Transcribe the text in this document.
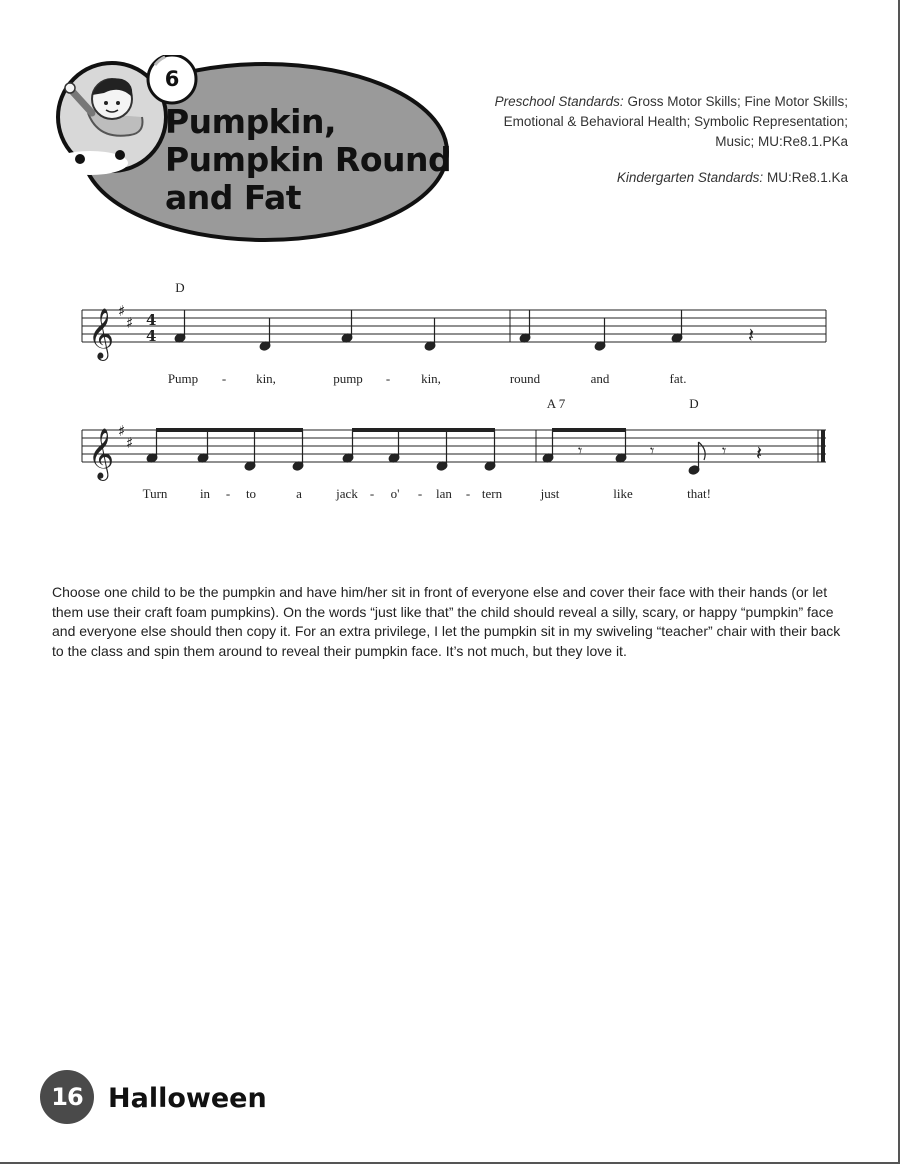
6
Pumpkin,
Pumpkin Round
and Fat

Preschool Standards: Gross Motor Skills; Fine Motor Skills;
Emotional & Behavioral Health; Symbolic Representation;
Music; MU:Re8.1.PKa

Kindergarten Standards: MU:Re8.1.Ka

𝄞
𝄞
♯
♯
♯
♯
4
4	𝄽
𝄾	𝄾	𝄾 𝄽
D
A 7	D
Pump - kin,	pump - kin,	round	and	fat.
Turn	in - to	a	jack - o' - lan - tern	just	like	that!
Choose one child to be the pumpkin and have him/her sit in front of everyone else and cover their face with their hands (or let them use their craft foam pumpkins). On the words “just like that” the child should reveal a silly, scary, or happy “pumpkin” face and everyone else should then copy it. For an extra privilege, I let the pumpkin sit in my swiveling “teacher” chair with their back to the class and spin them around to reveal their pumpkin face. It’s not much, but they love it.
16 Halloween
